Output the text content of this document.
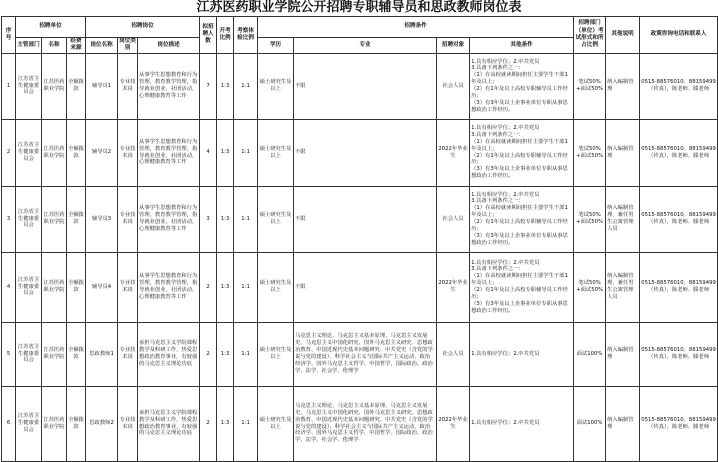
江苏医药职业学院公开招聘专职辅导员和思政教师岗位表
序号	招聘单位			招聘岗位			拟招聘人数	开考比例	考察体检比例	招聘条件				招聘部门（单位）考试形式和所占比例	其他说明	政策咨询电话和联系人
	主管部门	名称	经费来源	岗位名称	岗位类别	岗位描述				学历	专业	招聘对象	其他条件			
1	江苏省卫生健康委员会	江苏医药职业学院	全额拨款	辅导员1	专业技术岗	从事学生思想教育和行为管理，教育教学管理，指导就业创业，社团活动，心理健康教育等工作	7	1:3	1:1	硕士研究生及以上	不限	社会人员	1.具有相应学位；2.中共党员
3.具备下列条件之一：
（1）在高校就读期间担任主要学生干部1年及以上；
（2）有1年及以上高校专职辅导员工作经历；
（3）有3年及以上企事业单位专职从事思想政治工作经历。	笔试50%+面试50%	纳入编制管理	0515-88576010、88159499（传真），陈老师、滕老师
2	江苏省卫生健康委员会	江苏医药职业学院	全额拨款	辅导员2	专业技术岗	从事学生思想教育和行为管理，教育教学管理，指导就业创业，社团活动，心理健康教育等工作	4	1:3	1:1	硕士研究生及以上	不限	2022年毕业生	1.具有相应学位；2.中共党员
3.具备下列条件之一：
（1）在高校就读期间担任主要学生干部1年及以上；
（2）有1年及以上高校专职辅导员工作经历；
（3）有3年及以上企事业单位专职从事思想政治工作经历。	笔试50%+面试50%	纳入编制管理	0515-88576010、88159499（传真），陈老师、滕老师
3	江苏省卫生健康委员会	江苏医药职业学院	全额拨款	辅导员3	专业技术岗	从事学生思想教育和行为管理，教育教学管理，指导就业创业，社团活动，心理健康教育等工作	3	1:3	1:1	硕士研究生及以上	不限	社会人员	1.具有相应学位；2.中共党员
3.具备下列条件之一：
（1）在高校就读期间担任主要学生干部1年及以上；
（2）有1年及以上高校专职辅导员工作经历；
（3）有3年及以上企事业单位专职从事思想政治工作经历。	笔试50%+面试50%	纳入编制管理，兼任男生公寓管理人员	0515-88576010、88159499（传真），陈老师、滕老师
4	江苏省卫生健康委员会	江苏医药职业学院	全额拨款	辅导员4	专业技术岗	从事学生思想教育和行为管理，教育教学管理，指导就业创业，社团活动，心理健康教育等工作	2	1:3	1:1	硕士研究生及以上	不限	2022年毕业生	1.具有相应学位；2.中共党员
3.具备下列条件之一：
（1）在高校就读期间担任主要学生干部1年及以上；
（2）有1年及以上高校专职辅导员工作经历；
（3）有3年及以上企事业单位专职从事思想政治工作经历。	笔试50%+面试50%	纳入编制管理，兼任男生公寓管理人员	0515-88576010、88159499（传真），陈老师、滕老师
5	江苏省卫生健康委员会	江苏医药职业学院	全额拨款	思政教师1	专业技术岗	承担马克思主义学院课程教学及科研工作，热爱思想政治教育事业，有较强的马克思主义理论功底	2	1:3	1:1	硕士研究生及以上	马克思主义理论、马克思主义基本原理、马克思主义发展史、马克思主义中国化研究、国外马克思主义研究、思想政治教育、中国近现代史基本问题研究、中共党史（含党的学说与党的建设）、科学社会主义与国际共产主义运动、政治经济学、国外马克思主义哲学、中国哲学、国际政治、政治学、法学、社会学、伦理学	社会人员	1.具有相应学位；2.中共党员	面试100%	纳入编制管理	0515-88576010、88159499（传真），陈老师、滕老师
6	江苏省卫生健康委员会	江苏医药职业学院	全额拨款	思政教师2	专业技术岗	承担马克思主义学院课程教学及科研工作，热爱思想政治教育事业，有较强的马克思主义理论功底	2	1:3	1:1	硕士研究生及以上	马克思主义理论、马克思主义基本原理、马克思主义发展史、马克思主义中国化研究、国外马克思主义研究、思想政治教育、中国近现代史基本问题研究、中共党史（含党的学说与党的建设）、科学社会主义与国际共产主义运动、政治经济学、国外马克思主义哲学、中国哲学、国际政治、政治学、法学、社会学、伦理学	2022年毕业生	1.具有相应学位；2.中共党员	面试100%	纳入编制管理	0515-88576010、88159499（传真），陈老师、滕老师
